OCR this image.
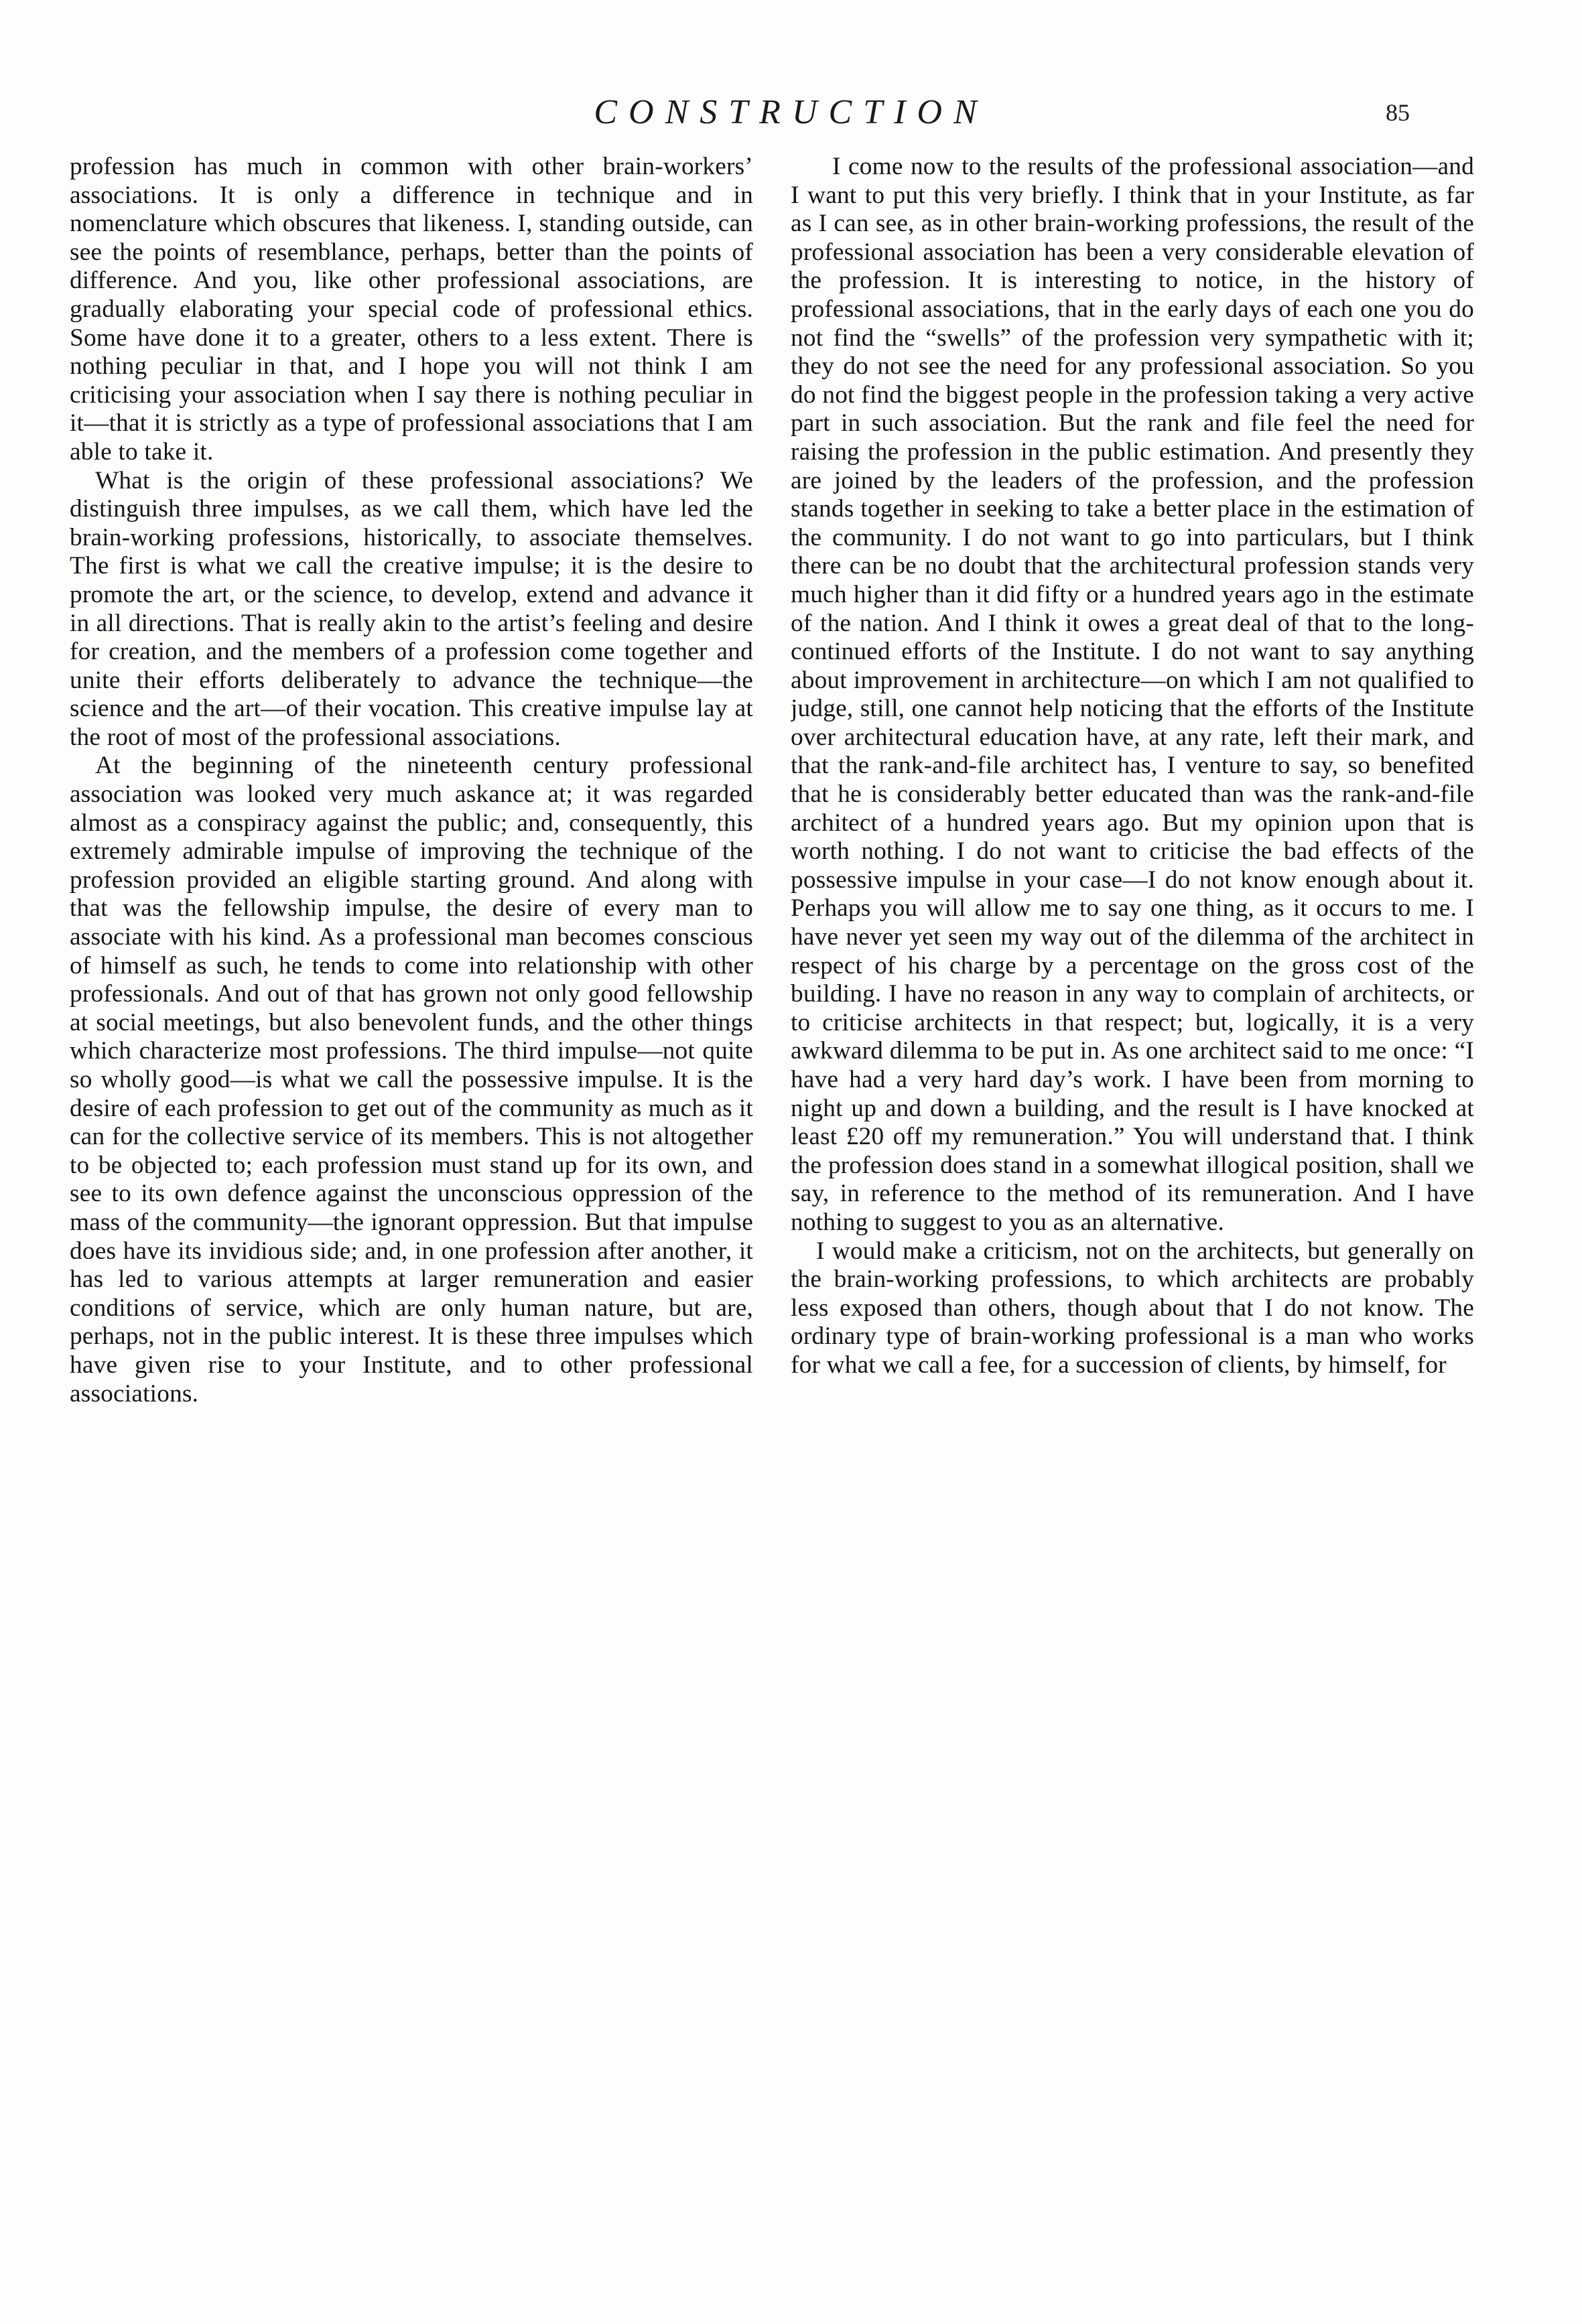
CONSTRUCTION	85

profession has much in common with other brain-workers’ associations. It is only a difference in technique and in nomenclature which obscures that likeness. I, standing outside, can see the points of resemblance, perhaps, better than the points of difference. And you, like other professional associations, are gradually elaborating your special code of professional ethics. Some have done it to a greater, others to a less extent. There is nothing peculiar in that, and I hope you will not think I am criticising your association when I say there is nothing peculiar in it—that it is strictly as a type of professional associations that I am able to take it.

What is the origin of these professional associations? We distinguish three impulses, as we call them, which have led the brain-working professions, historically, to associate themselves. The first is what we call the creative impulse; it is the desire to promote the art, or the science, to develop, extend and advance it in all directions. That is really akin to the artist’s feeling and desire for creation, and the members of a profession come together and unite their efforts deliberately to advance the technique—the science and the art—of their vocation. This creative impulse lay at the root of most of the professional associations.

At the beginning of the nineteenth century professional association was looked very much askance at; it was regarded almost as a conspiracy against the public; and, consequently, this extremely admirable impulse of improving the technique of the profession provided an eligible starting ground. And along with that was the fellowship impulse, the desire of every man to associate with his kind. As a professional man becomes conscious of himself as such, he tends to come into relationship with other professionals. And out of that has grown not only good fellowship at social meetings, but also benevolent funds, and the other things which characterize most professions. The third impulse—not quite so wholly good—is what we call the possessive impulse. It is the desire of each profession to get out of the community as much as it can for the collective service of its members. This is not altogether to be objected to; each profession must stand up for its own, and see to its own defence against the unconscious oppression of the mass of the community—the ignorant oppression. But that impulse does have its invidious side; and, in one profession after another, it has led to various attempts at larger remuneration and easier conditions of service, which are only human nature, but are, perhaps, not in the public interest. It is these three impulses which have given rise to your Institute, and to other professional associations.

I come now to the results of the professional association—and I want to put this very briefly. I think that in your Institute, as far as I can see, as in other brain-working professions, the result of the professional association has been a very considerable elevation of the profession. It is interesting to notice, in the history of professional associations, that in the early days of each one you do not find the “swells” of the profession very sympathetic with it; they do not see the need for any professional association. So you do not find the biggest people in the profession taking a very active part in such association. But the rank and file feel the need for raising the profession in the public estimation. And presently they are joined by the leaders of the profession, and the profession stands together in seeking to take a better place in the estimation of the community. I do not want to go into particulars, but I think there can be no doubt that the architectural profession stands very much higher than it did fifty or a hundred years ago in the estimate of the nation. And I think it owes a great deal of that to the long-continued efforts of the Institute. I do not want to say anything about improvement in architecture—on which I am not qualified to judge, still, one cannot help noticing that the efforts of the Institute over architectural education have, at any rate, left their mark, and that the rank-and-file architect has, I venture to say, so benefited that he is considerably better educated than was the rank-and-file architect of a hundred years ago. But my opinion upon that is worth nothing. I do not want to criticise the bad effects of the possessive impulse in your case—I do not know enough about it. Perhaps you will allow me to say one thing, as it occurs to me. I have never yet seen my way out of the dilemma of the architect in respect of his charge by a percentage on the gross cost of the building. I have no reason in any way to complain of architects, or to criticise architects in that respect; but, logically, it is a very awkward dilemma to be put in. As one architect said to me once: “I have had a very hard day’s work. I have been from morning to night up and down a building, and the result is I have knocked at least £20 off my remuneration.” You will understand that. I think the profession does stand in a somewhat illogical position, shall we say, in reference to the method of its remuneration. And I have nothing to suggest to you as an alternative.

I would make a criticism, not on the architects, but generally on the brain-working professions, to which architects are probably less exposed than others, though about that I do not know. The ordinary type of brain-working professional is a man who works for what we call a fee, for a succession of clients, by himself, for
